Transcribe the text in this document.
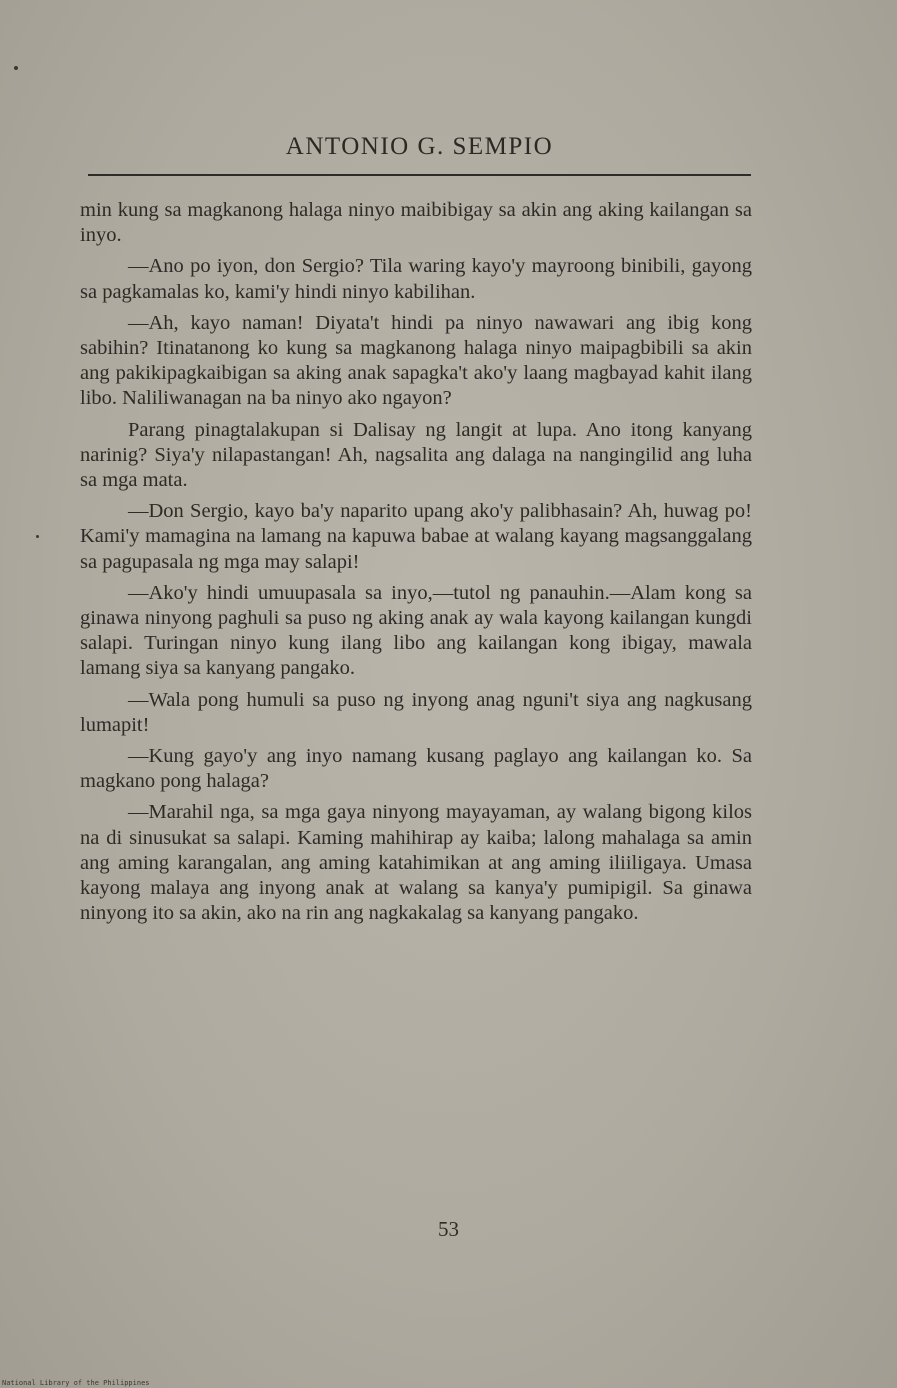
ANTONIO G. SEMPIO

min kung sa magkanong halaga ninyo maibibigay sa akin ang aking kailangan sa inyo.

—Ano po iyon, don Sergio? Tila waring kayo'y mayroong binibili, gayong sa pagkamalas ko, kami'y hindi ninyo kabilihan.

—Ah, kayo naman! Diyata't hindi pa ninyo nawawari ang ibig kong sabihin? Itinatanong ko kung sa magkanong halaga ninyo maipagbibili sa akin ang pakikipagkaibigan sa aking anak sapagka't ako'y laang magbayad kahit ilang libo. Naliliwanagan na ba ninyo ako ngayon?

Parang pinagtalakupan si Dalisay ng langit at lupa. Ano itong kanyang narinig? Siya'y nilapastangan! Ah, nagsalita ang dalaga na nangingilid ang luha sa mga mata.

—Don Sergio, kayo ba'y naparito upang ako'y palibhasain? Ah, huwag po! Kami'y mamagina na lamang na kapuwa babae at walang kayang magsanggalang sa pagupasala ng mga may salapi!

—Ako'y hindi umuupasala sa inyo,—tutol ng panauhin.—Alam kong sa ginawa ninyong paghuli sa puso ng aking anak ay wala kayong kailangan kungdi salapi. Turingan ninyo kung ilang libo ang kailangan kong ibigay, mawala lamang siya sa kanyang pangako.

—Wala pong humuli sa puso ng inyong anag nguni't siya ang nagkusang lumapit!

—Kung gayo'y ang inyo namang kusang paglayo ang kailangan ko. Sa magkano pong halaga?

—Marahil nga, sa mga gaya ninyong mayayaman, ay walang bigong kilos na di sinusukat sa salapi. Kaming mahihirap ay kaiba; lalong mahalaga sa amin ang aming karangalan, ang aming katahimikan at ang aming iliiligaya. Umasa kayong malaya ang inyong anak at walang sa kanya'y pumipigil. Sa ginawa ninyong ito sa akin, ako na rin ang nagkakalag sa kanyang pangako.

53
National Library of the Philippines
